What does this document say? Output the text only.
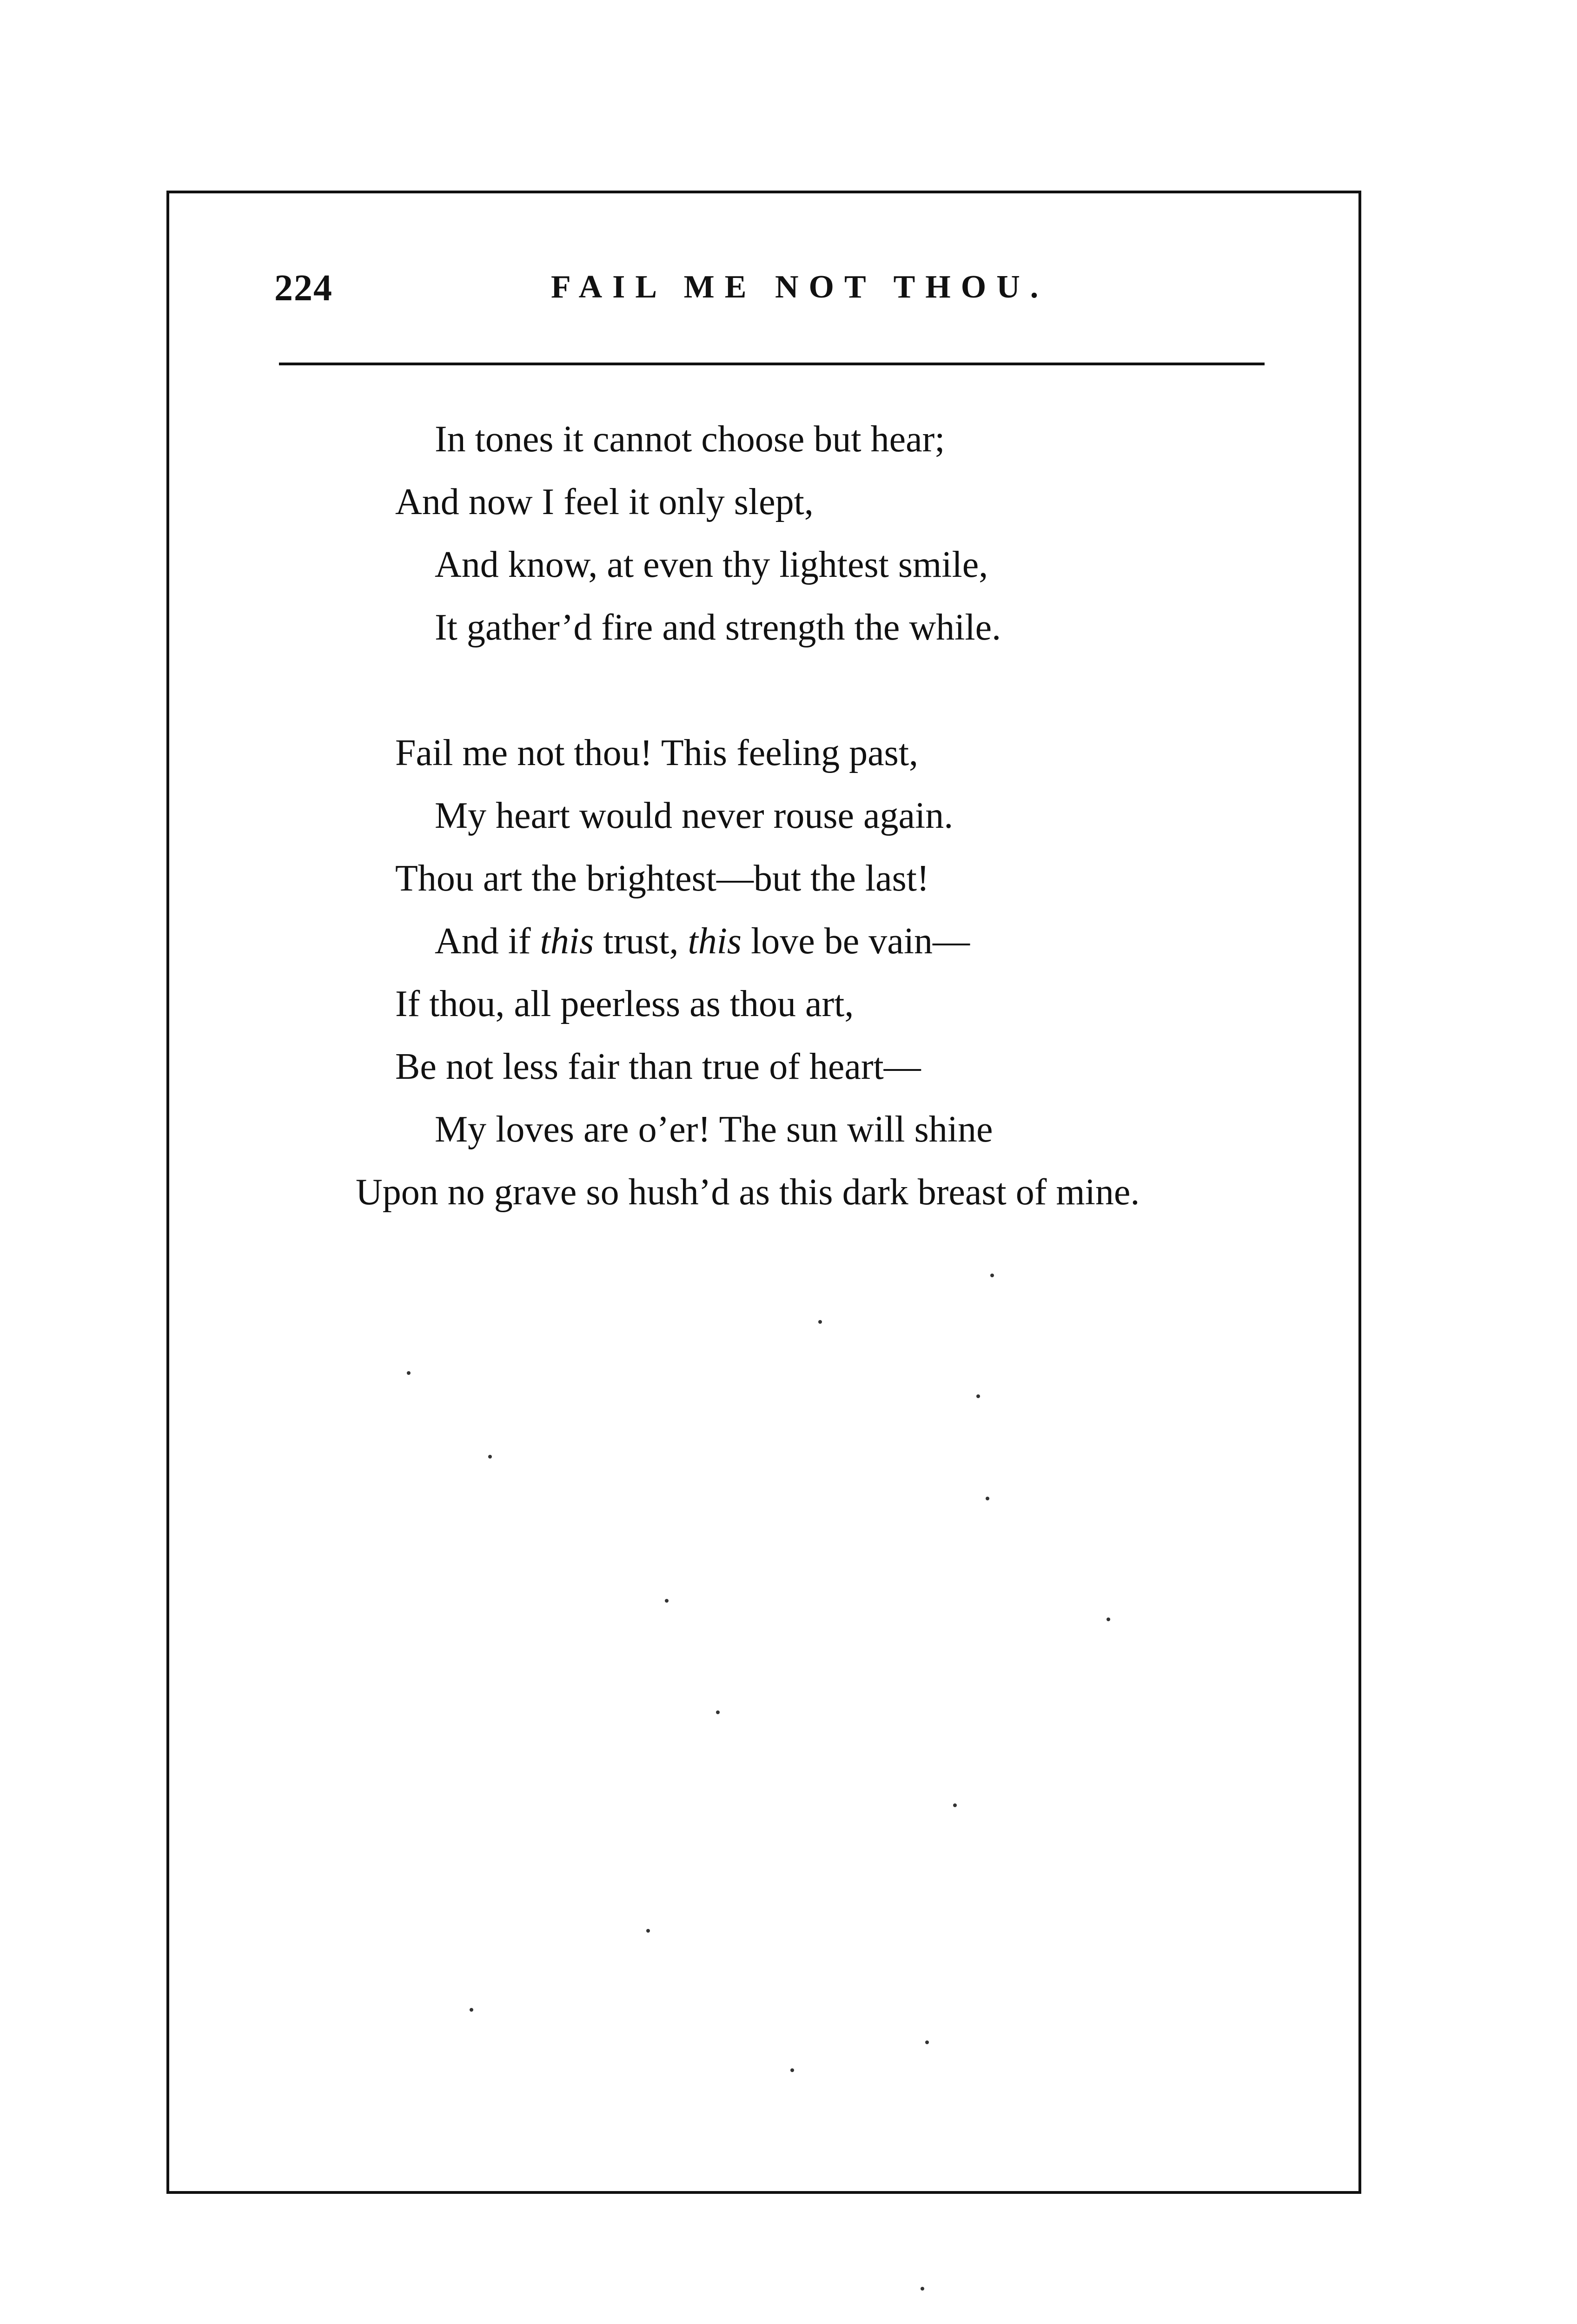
224	FAIL ME NOT THOU.
In tones it cannot choose but hear;
And now I feel it only slept,
And know, at even thy lightest smile,
It gather’d fire and strength the while.
Fail me not thou! This feeling past,
My heart would never rouse again.
Thou art the brightest—but the last!
And if this trust, this love be vain—
If thou, all peerless as thou art,
Be not less fair than true of heart—
My loves are o’er! The sun will shine
Upon no grave so hush’d as this dark breast of mine.
